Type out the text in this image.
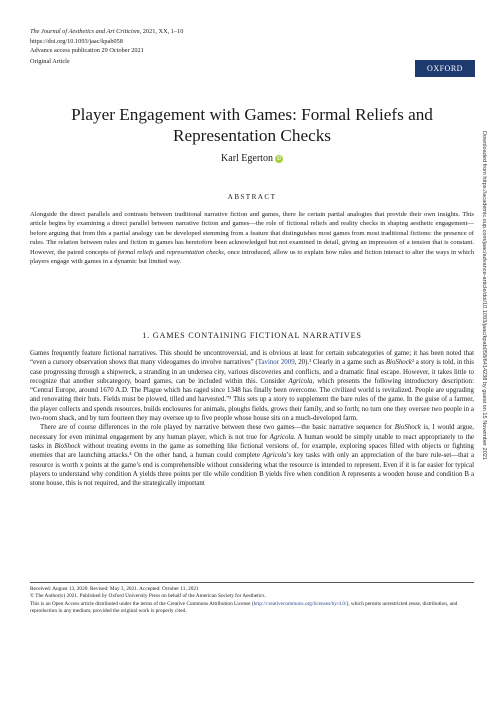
The Journal of Aesthetics and Art Criticism, 2021, XX, 1–10
https://doi.org/10.1093/jaac/kpab058
Advance access publication 29 October 2021
Original Article
OXFORD
Player Engagement with Games: Formal Reliefs and Representation Checks
Karl Egerton iD
ABSTRACT
Alongside the direct parallels and contrasts between traditional narrative fiction and games, there lie certain partial analogies that provide their own insights. This article begins by examining a direct parallel between narrative fiction and games—the role of fictional reliefs and reality checks in shaping aesthetic engagement—before arguing that from this a partial analogy can be developed stemming from a feature that distinguishes most games from most traditional fictions: the presence of rules. The relation between rules and fiction in games has heretofore been acknowledged but not examined in detail, giving an impression of a tension that is constant. However, the paired concepts of formal reliefs and representation checks, once introduced, allow us to explain how rules and fiction interact to alter the ways in which players engage with games in a dynamic but limited way.
1. GAMES CONTAINING FICTIONAL NARRATIVES

Games frequently feature fictional narratives. This should be uncontroversial, and is obvious at least for certain subcategories of game; it has been noted that “even a cursory observation shows that many videogames do involve narratives” (Tavinor 2009, 20).¹ Clearly in a game such as BioShock² a story is told, in this case progressing through a shipwreck, a stranding in an undersea city, various discoveries and conflicts, and a dramatic final escape. However, it takes little to recognize that another subcategory, board games, can be included within this. Consider Agricola, which presents the following introductory description: “Central Europe, around 1670 A.D. The Plague which has raged since 1348 has finally been overcome. The civilized world is revitalized. People are upgrading and renovating their huts. Fields must be plowed, tilled and harvested.”³ This sets up a story to supplement the bare rules of the game. In the guise of a farmer, the player collects and spends resources, builds enclosures for animals, ploughs fields, grows their family, and so forth; no turn one they oversee two people in a two-room shack, and by turn fourteen they may oversee up to five people whose house sits on a much-developed farm.

There are of course differences in the role played by narrative between these two games—the basic narrative sequence for BioShock is, I would argue, necessary for even minimal engagement by any human player, which is not true for Agricola. A human would be simply unable to react appropriately to the tasks in BioShock without treating events in the game as something like fictional versions of, for example, exploring spaces filled with objects or fighting enemies that are launching attacks.⁴ On the other hand, a human could complete Agricola’s key tasks with only an appreciation of the bare rule-set—that a resource is worth x points at the game’s end is comprehensible without considering what the resource is intended to represent. Even if it is far easier for typical players to understand why condition A yields three points per tile while condition B yields five when condition A represents a wooden house and condition B a stone house, this is not required, and the strategically important

Received: August 13, 2020. Revised: May 3, 2021. Accepted: October 11, 2021
© The Author(s) 2021. Published by Oxford University Press on behalf of the American Society for Aesthetics.
This is an Open Access article distributed under the terms of the Creative Commons Attribution License (http://creativecommons.org/licenses/by/4.0/), which permits unrestricted reuse, distribution, and reproduction in any medium, provided the original work is properly cited.
Downloaded from https://academic.oup.com/jaac/advance-article/doi/10.1093/jaac/kpab058/6414238 by guest on 15 November 2021
